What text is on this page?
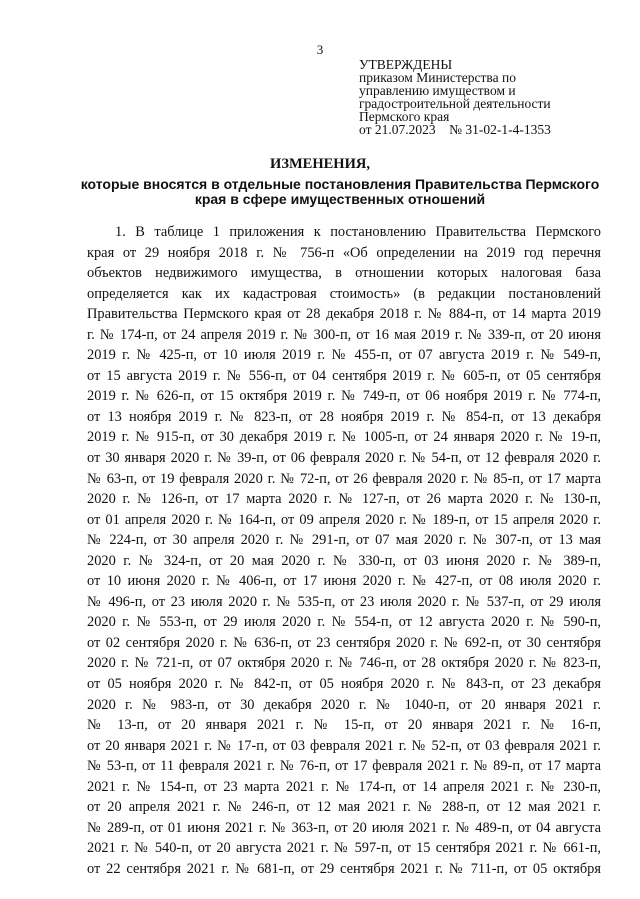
3
УТВЕРЖДЕНЫ
приказом Министерства по
управлению имуществом и
градостроительной деятельности
Пермского края
от 21.07.2023    № 31-02-1-4-1353
ИЗМЕНЕНИЯ,
которые вносятся в отдельные постановления Правительства Пермского
края в сфере имущественных отношений
1. В таблице 1 приложения к постановлению Правительства Пермского
края от 29 ноября 2018 г. № 756-п «Об определении на 2019 год перечня
объектов недвижимого имущества, в отношении которых налоговая база
определяется как их кадастровая стоимость» (в редакции постановлений
Правительства Пермского края от 28 декабря 2018 г. № 884-п, от 14 марта 2019
г. № 174-п, от 24 апреля 2019 г. № 300-п, от 16 мая 2019 г. № 339-п, от 20 июня
2019 г. № 425-п, от 10 июля 2019 г. № 455-п, от 07 августа 2019 г. № 549-п,
от 15 августа 2019 г. № 556-п, от 04 сентября 2019 г. № 605-п, от 05 сентября
2019 г. № 626-п, от 15 октября 2019 г. № 749-п, от 06 ноября 2019 г. № 774-п,
от 13 ноября 2019 г. № 823-п, от 28 ноября 2019 г. № 854-п, от 13 декабря
2019 г. № 915-п, от 30 декабря 2019 г. № 1005-п, от 24 января 2020 г. № 19-п,
от 30 января 2020 г. № 39-п, от 06 февраля 2020 г. № 54-п, от 12 февраля 2020 г.
№ 63-п, от 19 февраля 2020 г. № 72-п, от 26 февраля 2020 г. № 85-п, от 17 марта
2020 г. № 126-п, от 17 марта 2020 г. № 127-п, от 26 марта 2020 г. № 130-п,
от 01 апреля 2020 г. № 164-п, от 09 апреля 2020 г. № 189-п, от 15 апреля 2020 г.
№ 224-п, от 30 апреля 2020 г. № 291-п, от 07 мая 2020 г. № 307-п, от 13 мая
2020 г. № 324-п, от 20 мая 2020 г. № 330-п, от 03 июня 2020 г. № 389-п,
от 10 июня 2020 г. № 406-п, от 17 июня 2020 г. № 427-п, от 08 июля 2020 г.
№ 496-п, от 23 июля 2020 г. № 535-п, от 23 июля 2020 г. № 537-п, от 29 июля
2020 г. № 553-п, от 29 июля 2020 г. № 554-п, от 12 августа 2020 г. № 590-п,
от 02 сентября 2020 г. № 636-п, от 23 сентября 2020 г. № 692-п, от 30 сентября
2020 г. № 721-п, от 07 октября 2020 г. № 746-п, от 28 октября 2020 г. № 823-п,
от 05 ноября 2020 г. № 842-п, от 05 ноября 2020 г. № 843-п, от 23 декабря
2020 г. № 983-п, от 30 декабря 2020 г. № 1040-п, от 20 января 2021 г.
№ 13-п, от 20 января 2021 г. № 15-п, от 20 января 2021 г. № 16-п,
от 20 января 2021 г. № 17-п, от 03 февраля 2021 г. № 52-п, от 03 февраля 2021 г.
№ 53-п, от 11 февраля 2021 г. № 76-п, от 17 февраля 2021 г. № 89-п, от 17 марта
2021 г. № 154-п, от 23 марта 2021 г. № 174-п, от 14 апреля 2021 г. № 230-п,
от 20 апреля 2021 г. № 246-п, от 12 мая 2021 г. № 288-п, от 12 мая 2021 г.
№ 289-п, от 01 июня 2021 г. № 363-п, от 20 июля 2021 г. № 489-п, от 04 августа
2021 г. № 540-п, от 20 августа 2021 г. № 597-п, от 15 сентября 2021 г. № 661-п,
от 22 сентября 2021 г. № 681-п, от 29 сентября 2021 г. № 711-п, от 05 октября
